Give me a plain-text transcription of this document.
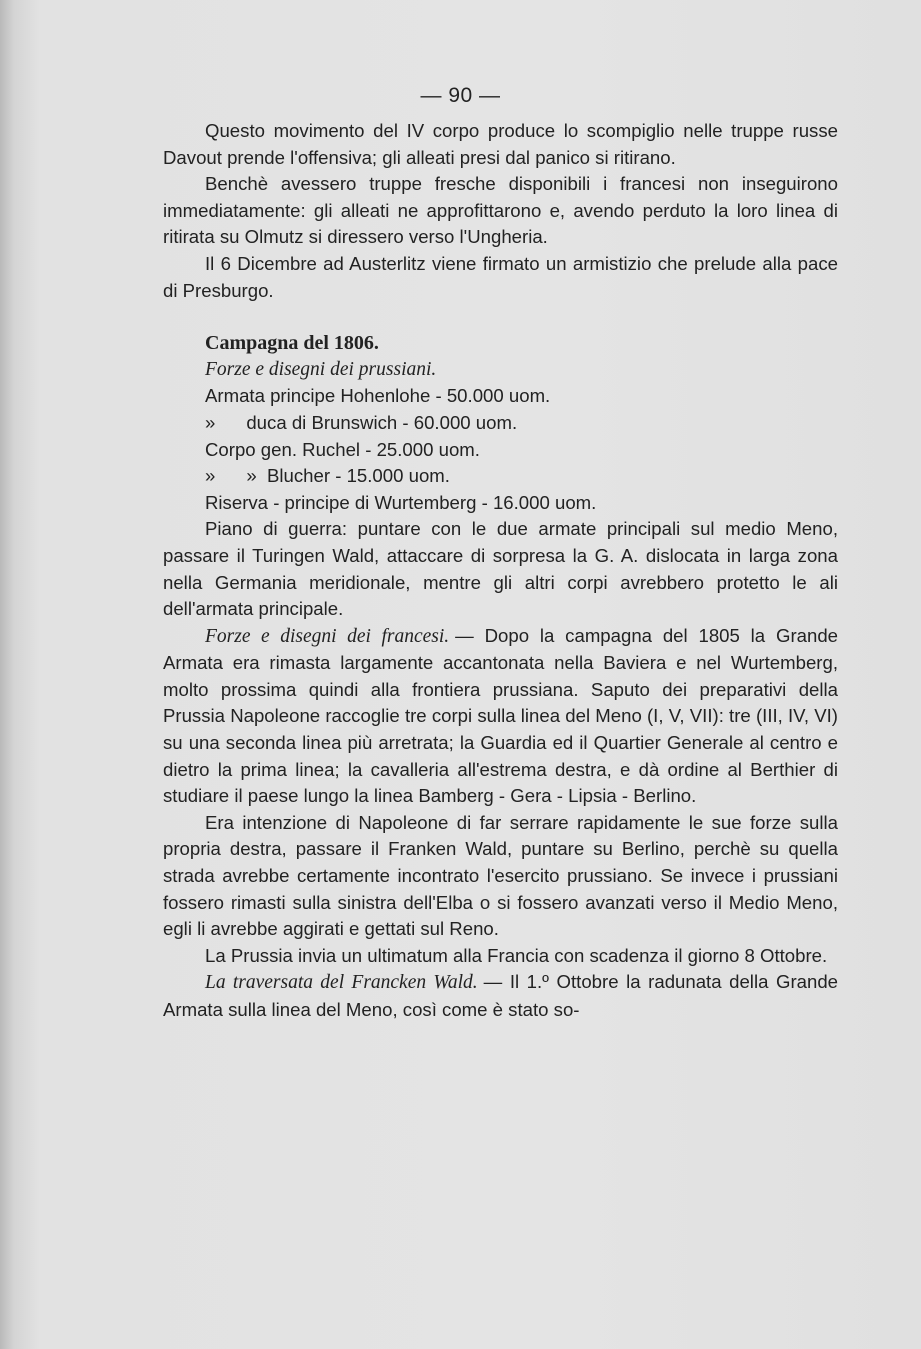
— 90 —

Questo movimento del IV corpo produce lo scompiglio nelle truppe russe Davout prende l'offensiva; gli alleati presi dal panico si ritirano.

Benchè avessero truppe fresche disponibili i francesi non inseguirono immediatamente: gli alleati ne approfittarono e, avendo perduto la loro linea di ritirata su Olmutz si diressero verso l'Ungheria.

Il 6 Dicembre ad Austerlitz viene firmato un armistizio che prelude alla pace di Presburgo.

Campagna del 1806.

Forze e disegni dei prussiani.

Armata principe Hohenlohe - 50.000 uom.

»      duca di Brunswich - 60.000 uom.

Corpo gen. Ruchel - 25.000 uom.

»      »  Blucher - 15.000 uom.

Riserva - principe di Wurtemberg - 16.000 uom.

Piano di guerra: puntare con le due armate principali sul medio Meno, passare il Turingen Wald, attaccare di sorpresa la G. A. dislocata in larga zona nella Germania meridionale, mentre gli altri corpi avrebbero protetto le ali dell'armata principale.

Forze e disegni dei francesi. — Dopo la campagna del 1805 la Grande Armata era rimasta largamente accantonata nella Baviera e nel Wurtemberg, molto prossima quindi alla frontiera prussiana. Saputo dei preparativi della Prussia Napoleone raccoglie tre corpi sulla linea del Meno (I, V, VII): tre (III, IV, VI) su una seconda linea più arretrata; la Guardia ed il Quartier Generale al centro e dietro la prima linea; la cavalleria all'estrema destra, e dà ordine al Berthier di studiare il paese lungo la linea Bamberg - Gera - Lipsia - Berlino.

Era intenzione di Napoleone di far serrare rapidamente le sue forze sulla propria destra, passare il Franken Wald, puntare su Berlino, perchè su quella strada avrebbe certamente incontrato l'esercito prussiano. Se invece i prussiani fossero rimasti sulla sinistra dell'Elba o si fossero avanzati verso il Medio Meno, egli li avrebbe aggirati e gettati sul Reno.

La Prussia invia un ultimatum alla Francia con scadenza il giorno 8 Ottobre.

La traversata del Francken Wald. — Il 1.º Ottobre la radunata della Grande Armata sulla linea del Meno, così come è stato so-
